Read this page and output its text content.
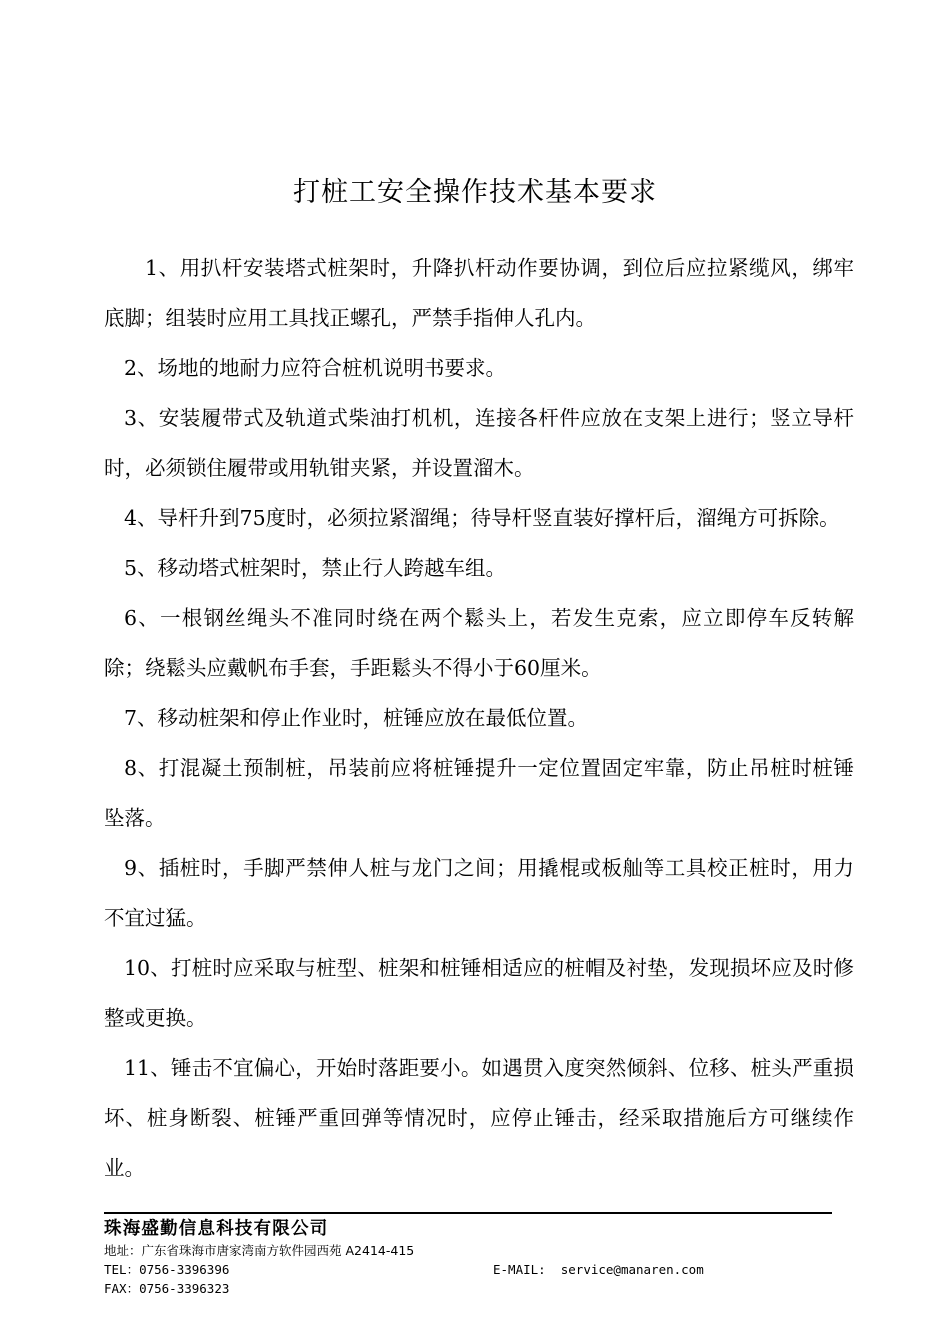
打桩工安全操作技术基本要求

1、用扒杆安装塔式桩架时，升降扒杆动作要协调，到位后应拉紧缆风，绑牢底脚；组装时应用工具找正螺孔，严禁手指伸人孔内。

2、场地的地耐力应符合桩机说明书要求。

3、安装履带式及轨道式柴油打机机，连接各杆件应放在支架上进行；竖立导杆时，必须锁住履带或用轨钳夹紧，并设置溜木。

4、导杆升到75度时，必须拉紧溜绳；待导杆竖直装好撑杆后，溜绳方可拆除。

5、移动塔式桩架时，禁止行人跨越车组。

6、一根钢丝绳头不准同时绕在两个鬆头上，若发生克索，应立即停车反转解除；绕鬆头应戴帆布手套，手距鬆头不得小于60厘米。

7、移动桩架和停止作业时，桩锤应放在最低位置。

8、打混凝土预制桩，吊装前应将桩锤提升一定位置固定牢靠，防止吊桩时桩锤坠落。

9、插桩时，手脚严禁伸人桩与龙门之间；用撬棍或板舢等工具校正桩时，用力不宜过猛。

10、打桩时应采取与桩型、桩架和桩锤相适应的桩帽及衬垫，发现损坏应及时修整或更换。

11、锤击不宜偏心，开始时落距要小。如遇贯入度突然倾斜、位移、桩头严重损坏、桩身断裂、桩锤严重回弹等情况时，应停止锤击，经采取措施后方可继续作业。

珠海盛勤信息科技有限公司
地址：广东省珠海市唐家湾南方软件园西苑 A2414-415
TEL：0756-3396396	E-MAIL: service@manaren.com
FAX：0756-3396323
